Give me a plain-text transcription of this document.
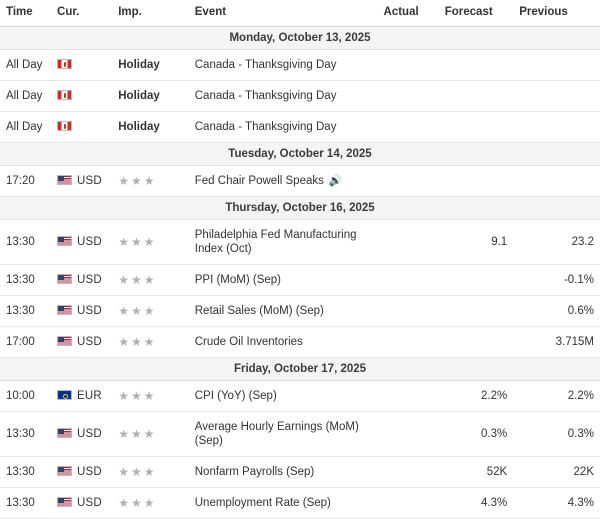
Time	Cur.	Imp.	Event	Actual	Forecast	Previous
Monday, October 13, 2025						
All Day		Holiday	Canada - Thanksgiving Day			
All Day		Holiday	Canada - Thanksgiving Day			
All Day		Holiday	Canada - Thanksgiving Day			
Tuesday, October 14, 2025						
17:20	USD	★★★	Fed Chair Powell Speaks 🔊			
Thursday, October 16, 2025						
13:30	USD	★★★	Philadelphia Fed Manufacturing Index (Oct)		9.1	23.2
13:30	USD	★★★	PPI (MoM) (Sep)			-0.1%
13:30	USD	★★★	Retail Sales (MoM) (Sep)			0.6%
17:00	USD	★★★	Crude Oil Inventories			3.715M
Friday, October 17, 2025						
10:00	EUR	★★★	CPI (YoY) (Sep)		2.2%	2.2%
13:30	USD	★★★	Average Hourly Earnings (MoM) (Sep)		0.3%	0.3%
13:30	USD	★★★	Nonfarm Payrolls (Sep)		52K	22K
13:30	USD	★★★	Unemployment Rate (Sep)		4.3%	4.3%
